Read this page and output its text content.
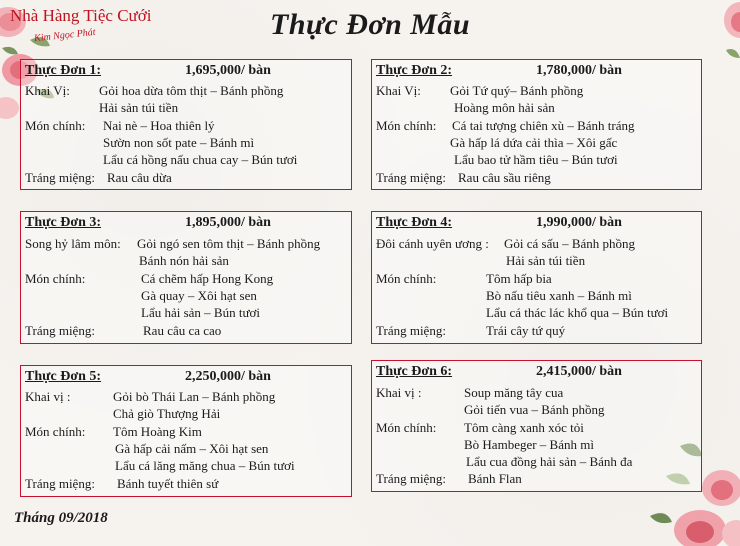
Nhà Hàng Tiệc Cưới
Kim Ngọc Phát	Thực Đơn Mẫu
Thực Đơn 1:	1,695,000/ bàn
Khai Vị: Gỏi hoa dừa tôm thịt – Bánh phồng
Hải sản túi tiền
Món chính: Nai nè – Hoa thiên lý
Sườn non sốt pate – Bánh mì
Lẩu cá hồng nấu chua cay – Bún tươi
Tráng miệng: Rau câu dừa
Thực Đơn 2:	1,780,000/ bàn
Khai Vị: Gỏi Tứ quý– Bánh phồng
Hoàng môn hải sản
Món chính: Cá tai tượng chiên xù – Bánh tráng
Gà hấp lá dứa cải thìa – Xôi gấc
Lẩu bao tử hầm tiêu – Bún tươi
Tráng miệng: Rau câu sầu riêng
Thực Đơn 3:	1,895,000/ bàn
Song hỷ lâm môn: Gỏi ngó sen tôm thịt – Bánh phồng
Bánh nón hải sản
Món chính:	Cá chẽm hấp Hong Kong
Gà quay – Xôi hạt sen
Lẩu hải sản – Bún tươi
Tráng miệng:	Rau câu ca cao
Thực Đơn 4:	1,990,000/ bàn
Đôi cánh uyên ương : Gỏi cá sấu – Bánh phồng
Hải sản túi tiền
Món chính:	Tôm hấp bia
Bò nấu tiêu xanh – Bánh mì
Lẩu cá thác lác khổ qua – Bún tươi
Tráng miệng:	Trái cây tứ quý
Thực Đơn 5:	2,250,000/ bàn
Khai vị :	Gỏi bò Thái Lan – Bánh phồng
Chả giò Thượng Hải
Món chính: Tôm Hoàng Kim
Gà hấp cải nấm – Xôi hạt sen
Lẩu cá lăng măng chua – Bún tươi
Tráng miệng: Bánh tuyết thiên sứ
Thực Đơn 6:	2,415,000/ bàn
Khai vị :	Soup măng tây cua
Gỏi tiến vua – Bánh phồng
Món chính: Tôm càng xanh xóc tỏi
Bò Hambeger – Bánh mì
Lẩu cua đồng hải sản – Bánh đa
Tráng miệng: Bánh Flan
Tháng 09/2018
